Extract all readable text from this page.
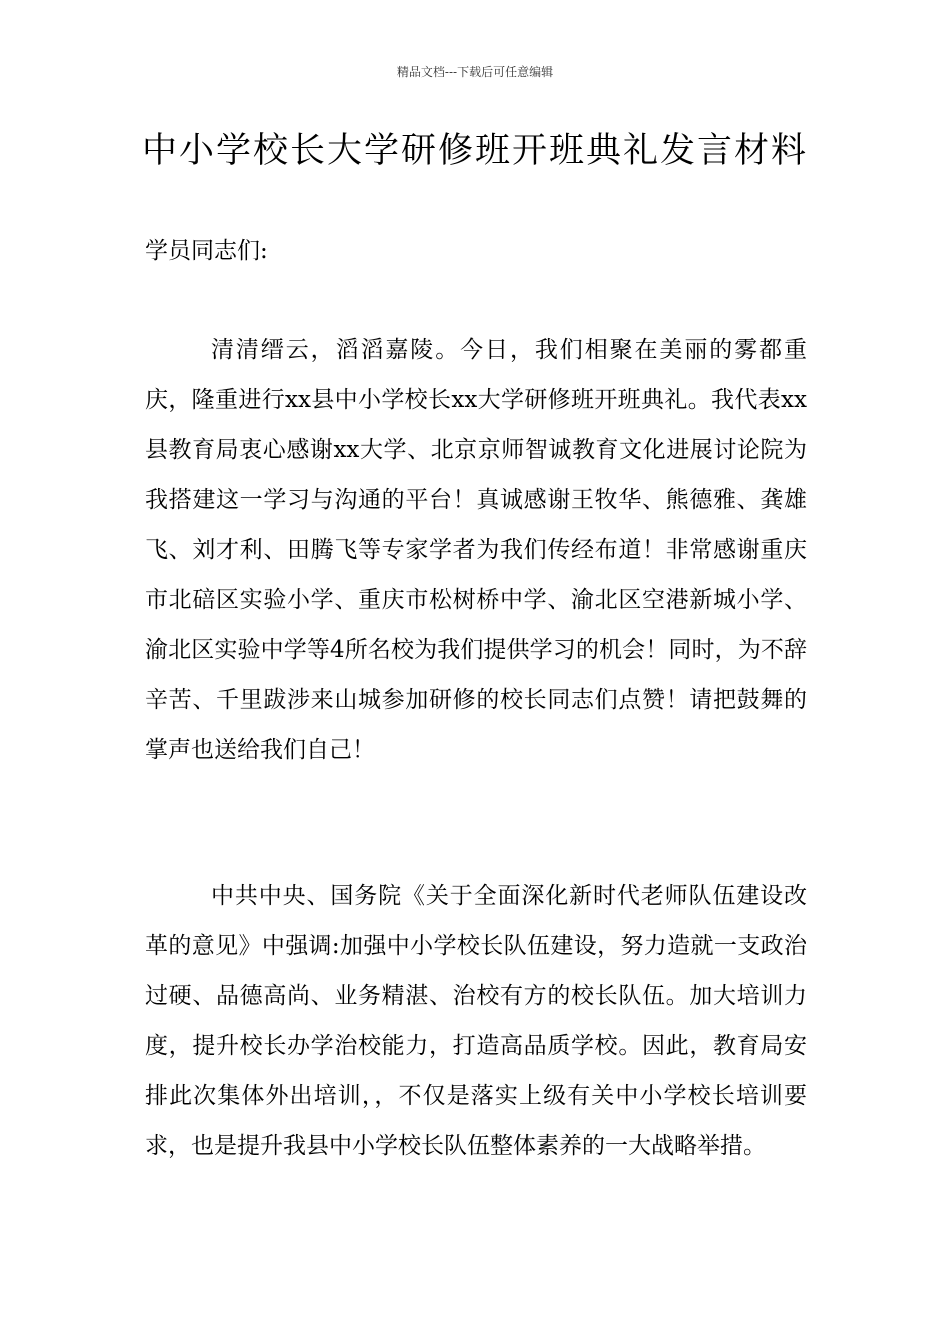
精品文档---下载后可任意编辑
中小学校长大学研修班开班典礼发言材料

学员同志们:

清清缙云，滔滔嘉陵。今日，我们相聚在美丽的雾都重庆，隆重进行xx县中小学校长xx大学研修班开班典礼。我代表xx县教育局衷心感谢xx大学、北京京师智诚教育文化进展讨论院为我搭建这一学习与沟通的平台！真诚感谢王牧华、熊德雅、龚雄飞、刘才利、田腾飞等专家学者为我们传经布道！非常感谢重庆市北碚区实验小学、重庆市松树桥中学、渝北区空港新城小学、渝北区实验中学等4所名校为我们提供学习的机会！同时，为不辞辛苦、千里跋涉来山城参加研修的校长同志们点赞！请把鼓舞的掌声也送给我们自己！

中共中央、国务院《关于全面深化新时代老师队伍建设改革的意见》中强调:加强中小学校长队伍建设，努力造就一支政治过硬、品德高尚、业务精湛、治校有方的校长队伍。加大培训力度，提升校长办学治校能力，打造高品质学校。因此，教育局安排此次集体外出培训，，不仅是落实上级有关中小学校长培训要求，也是提升我县中小学校长队伍整体素养的一大战略举措。
